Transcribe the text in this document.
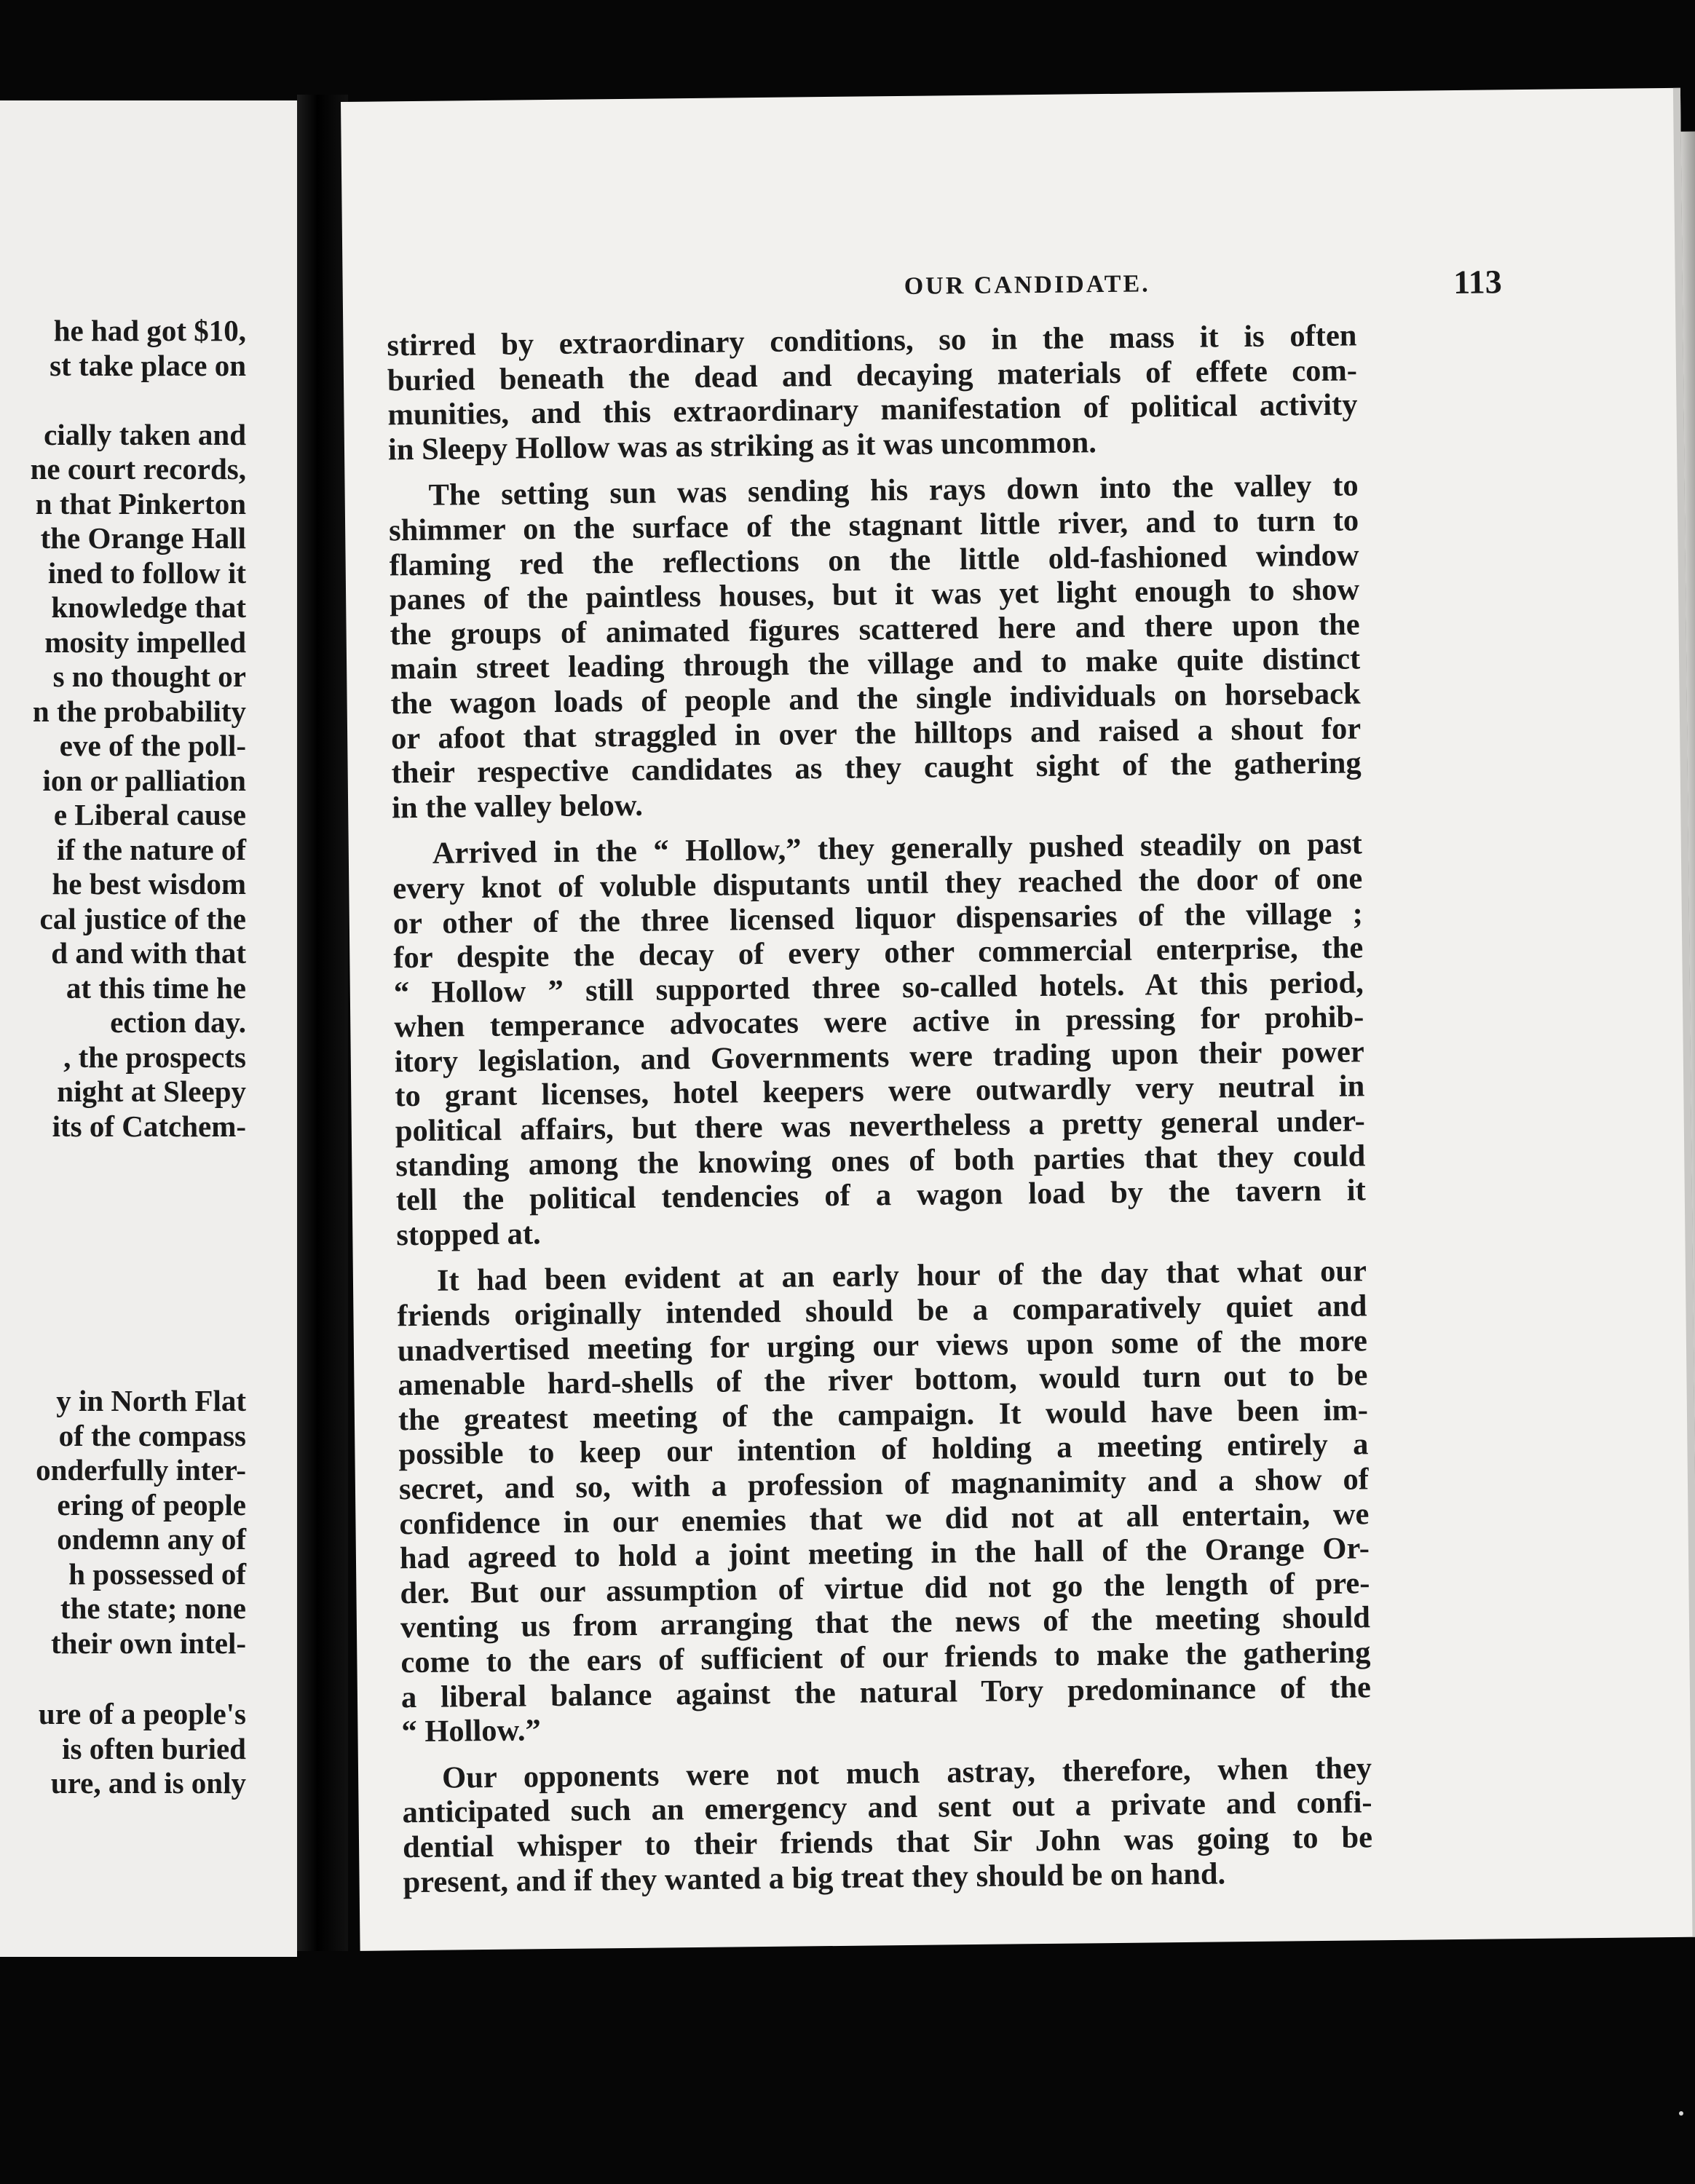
he had got $10,
st take place on
cially taken and
ne court records,
n that Pinkerton
the Orange Hall
ined to follow it
knowledge that
mosity impelled
s no thought or
n the probability
eve of the poll-
ion or palliation
e Liberal cause
if the nature of
he best wisdom
cal justice of the
d and with that
at this time he
ection day.
, the prospects
night at Sleepy
its of Catchem-
y in North Flat
of the compass
onderfully inter-
ering of people
ondemn any of
h possessed of
the state; none
their own intel-
ure of a people's
is often buried
ure, and is only
OUR CANDIDATE.	113
stirred by extraordinary conditions, so in the mass it is often
buried beneath the dead and decaying materials of effete com-
munities, and this extraordinary manifestation of political activity
in Sleepy Hollow was as striking as it was uncommon.
The setting sun was sending his rays down into the valley to
shimmer on the surface of the stagnant little river, and to turn to
flaming red the reflections on the little old-fashioned window
panes of the paintless houses, but it was yet light enough to show
the groups of animated figures scattered here and there upon the
main street leading through the village and to make quite distinct
the wagon loads of people and the single individuals on horseback
or afoot that straggled in over the hilltops and raised a shout for
their respective candidates as they caught sight of the gathering
in the valley below.
Arrived in the “ Hollow,” they generally pushed steadily on past
every knot of voluble disputants until they reached the door of one
or other of the three licensed liquor dispensaries of the village ;
for despite the decay of every other commercial enterprise, the
“ Hollow ” still supported three so-called hotels. At this period,
when temperance advocates were active in pressing for prohib-
itory legislation, and Governments were trading upon their power
to grant licenses, hotel keepers were outwardly very neutral in
political affairs, but there was nevertheless a pretty general under-
standing among the knowing ones of both parties that they could
tell the political tendencies of a wagon load by the tavern it
stopped at.
It had been evident at an early hour of the day that what our
friends originally intended should be a comparatively quiet and
unadvertised meeting for urging our views upon some of the more
amenable hard-shells of the river bottom, would turn out to be
the greatest meeting of the campaign. It would have been im-
possible to keep our intention of holding a meeting entirely a
secret, and so, with a profession of magnanimity and a show of
confidence in our enemies that we did not at all entertain, we
had agreed to hold a joint meeting in the hall of the Orange Or-
der. But our assumption of virtue did not go the length of pre-
venting us from arranging that the news of the meeting should
come to the ears of sufficient of our friends to make the gathering
a liberal balance against the natural Tory predominance of the
“ Hollow.”
Our opponents were not much astray, therefore, when they
anticipated such an emergency and sent out a private and confi-
dential whisper to their friends that Sir John was going to be
present, and if they wanted a big treat they should be on hand.
